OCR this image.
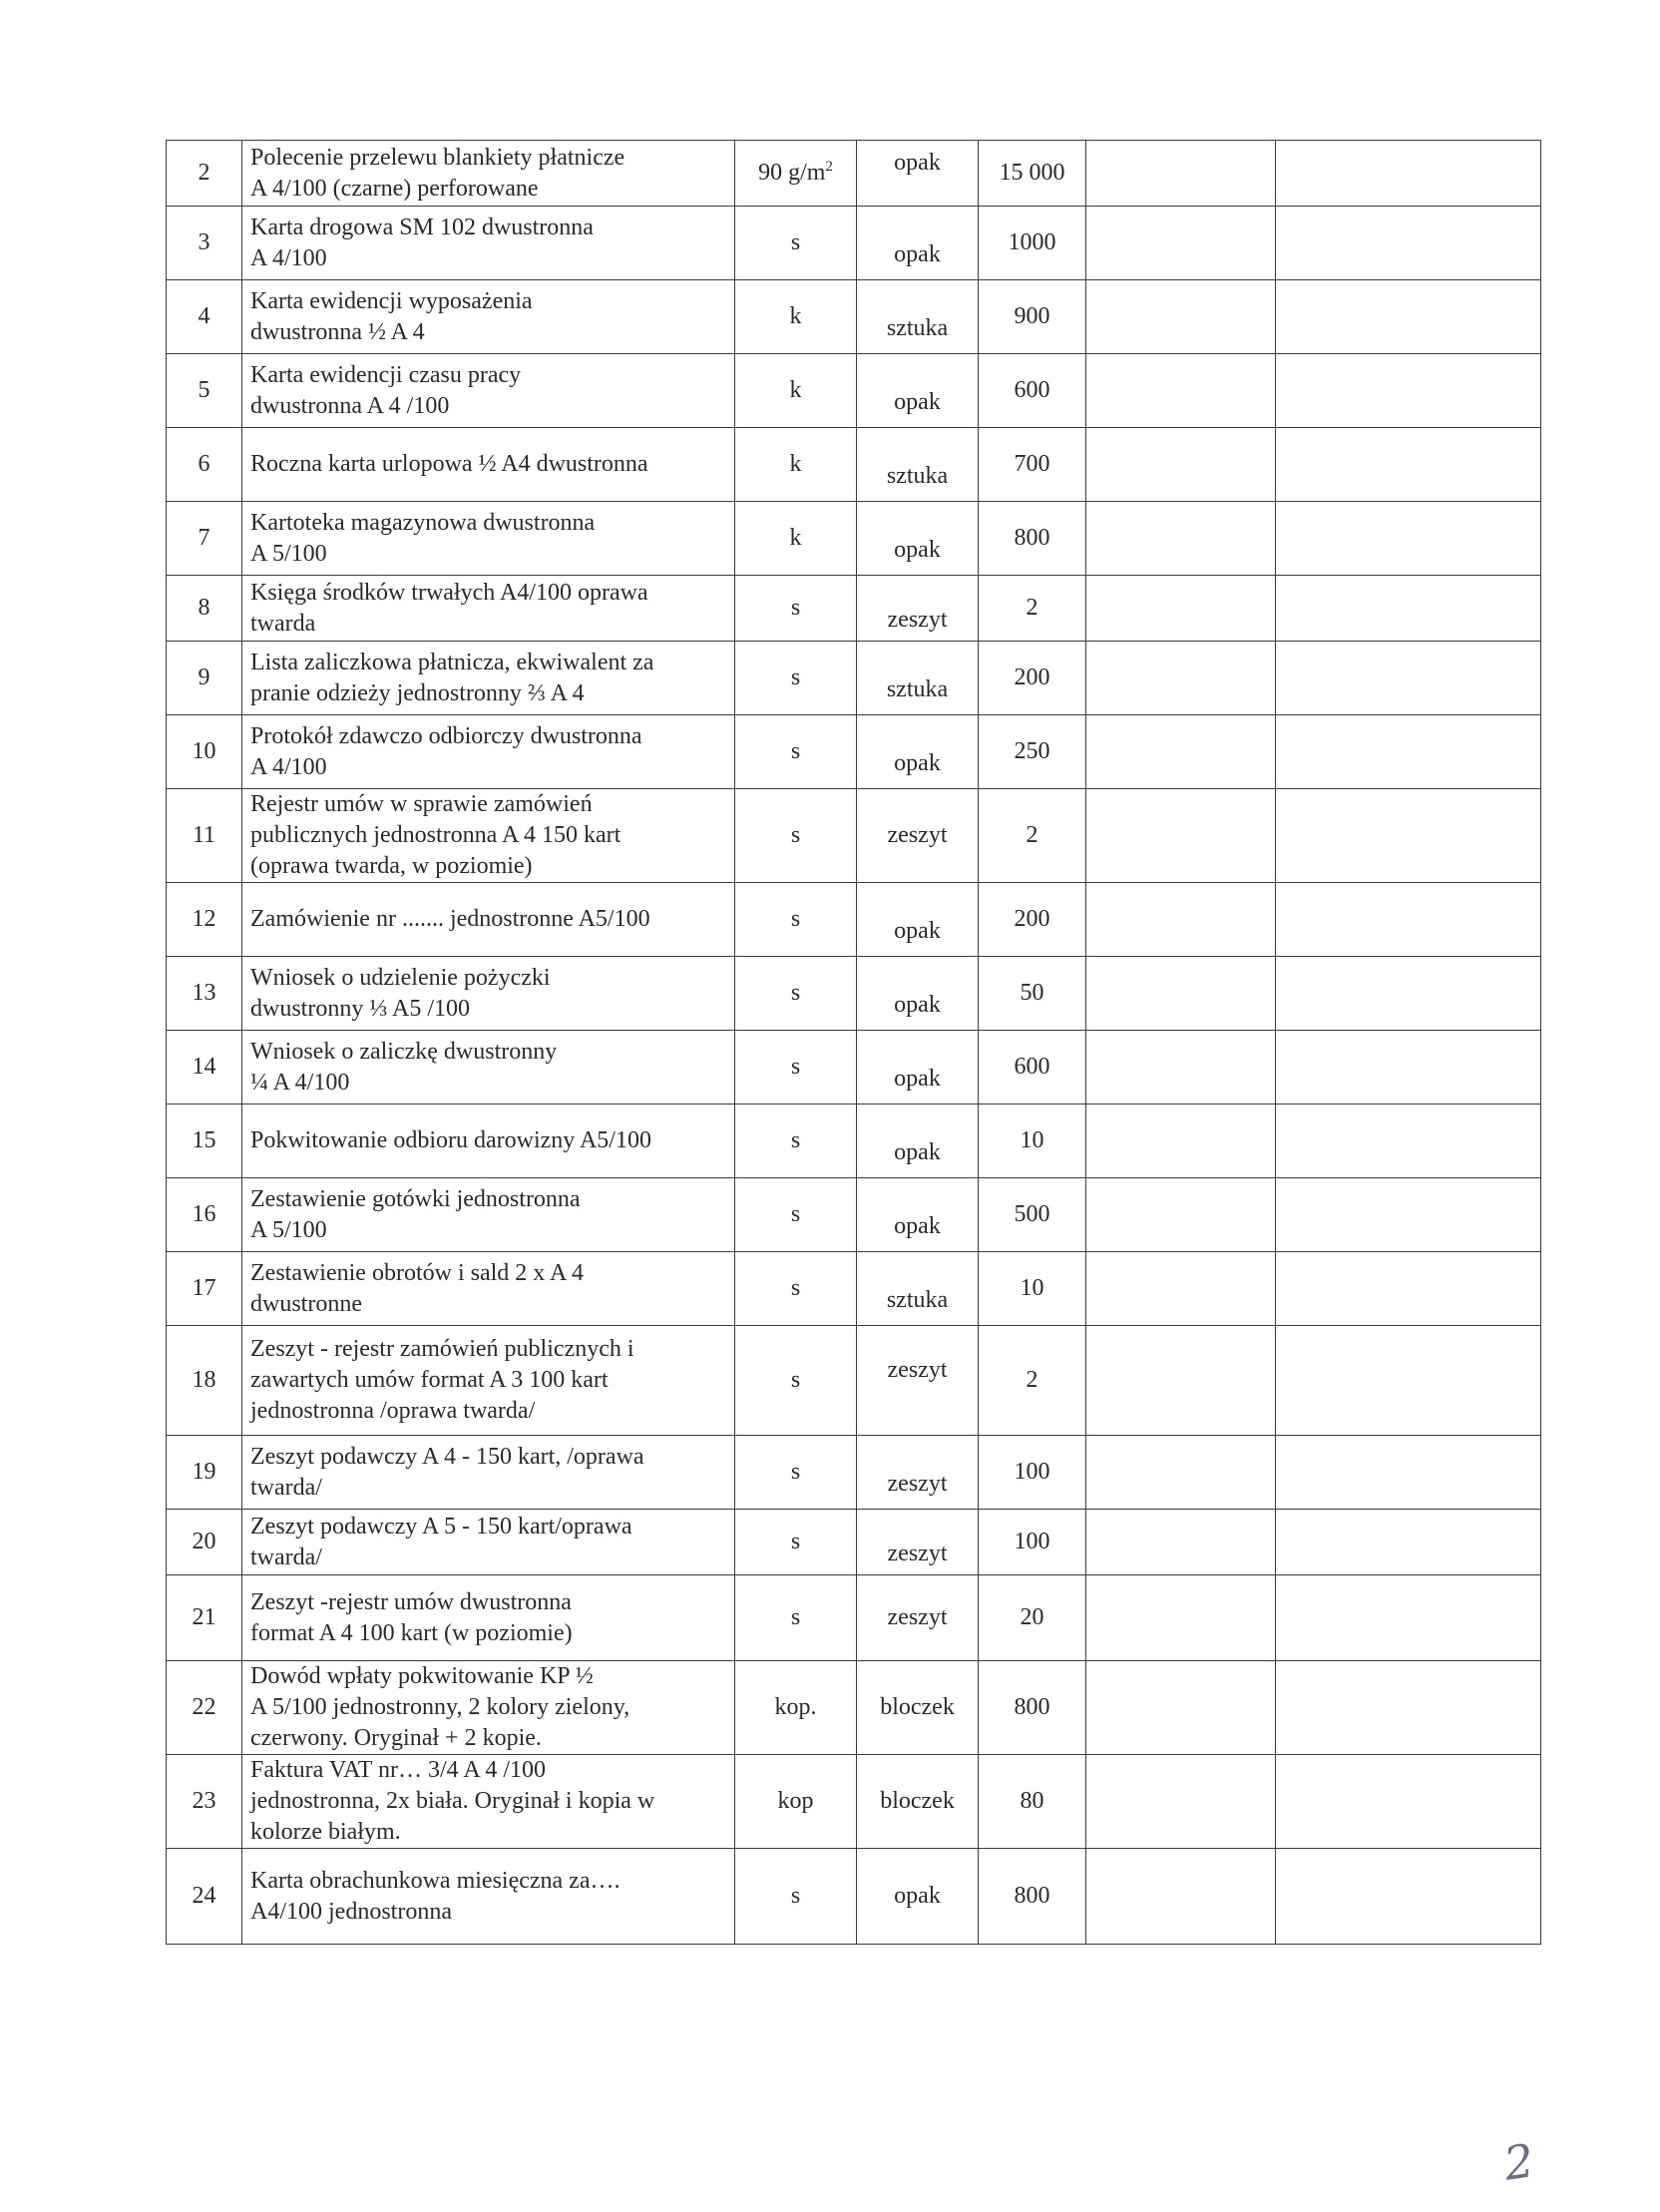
2	Polecenie przelewu blankiety płatnicze
A 4/100 (czarne) perforowane	90 $g/m^2$	opak	15 000		
3	Karta drogowa SM 102 dwustronna
A 4/100	s	opak	1000		
4	Karta ewidencji wyposażenia
dwustronna ½ A 4	k	sztuka	900		
5	Karta ewidencji czasu pracy
dwustronna A 4 /100	k	opak	600		
6	Roczna karta urlopowa ½ A4 dwustronna	k	sztuka	700		
7	Kartoteka magazynowa dwustronna
A 5/100	k	opak	800		
8	Księga środków trwałych A4/100 oprawa
twarda	s	zeszyt	2		
9	Lista zaliczkowa płatnicza, ekwiwalent za
pranie odzieży jednostronny ⅔ A 4	s	sztuka	200		
10	Protokół zdawczo odbiorczy dwustronna
A 4/100	s	opak	250		
11	Rejestr umów w sprawie zamówień
publicznych jednostronna A 4 150 kart
(oprawa twarda, w poziomie)	s	zeszyt	2		
12	Zamówienie nr ....... jednostronne A5/100	s	opak	200		
13	Wniosek o udzielenie pożyczki
dwustronny ⅓ A5 /100	s	opak	50		
14	Wniosek o zaliczkę dwustronny
¼ A 4/100	s	opak	600		
15	Pokwitowanie odbioru darowizny A5/100	s	opak	10		
16	Zestawienie gotówki jednostronna
A 5/100	s	opak	500		
17	Zestawienie obrotów i sald 2 x A 4
dwustronne	s	sztuka	10		
18	Zeszyt - rejestr zamówień publicznych i
zawartych umów format A 3 100 kart
jednostronna /oprawa twarda/	s	zeszyt	2		
19	Zeszyt podawczy A 4 - 150 kart, /oprawa
twarda/	s	zeszyt	100		
20	Zeszyt podawczy A 5 - 150 kart/oprawa
twarda/	s	zeszyt	100		
21	Zeszyt -rejestr umów dwustronna
format A 4 100 kart (w poziomie)	s	zeszyt	20		
22	Dowód wpłaty pokwitowanie KP ½
A 5/100 jednostronny, 2 kolory zielony,
czerwony. Oryginał + 2 kopie.	kop.	bloczek	800		
23	Faktura VAT nr… 3/4 A 4 /100
jednostronna, 2x biała. Oryginał i kopia w
kolorze białym.	kop	bloczek	80		
24	Karta obrachunkowa miesięczna za….
A4/100 jednostronna	s	opak	800		
2
